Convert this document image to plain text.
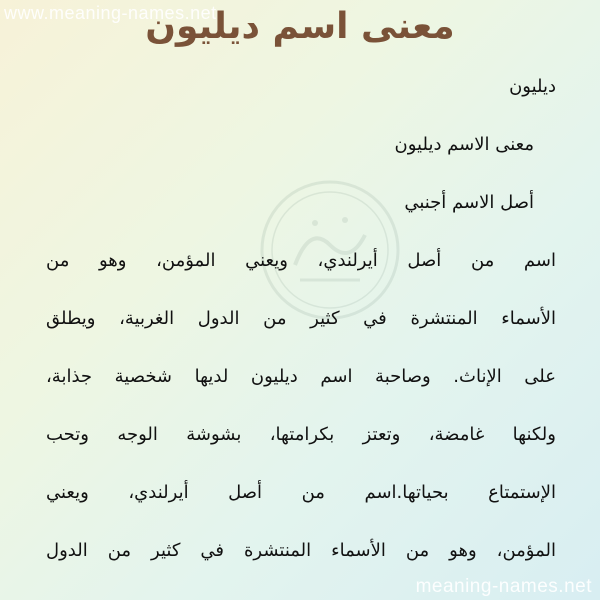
www.meaning-names.net
معنى اسم ديليون
ديليون
معنى الاسم ديليون
أصل الاسم أجنبي
اسم من أصل أيرلندي، ويعني المؤمن، وهو من
الأسماء المنتشرة في كثير من الدول الغربية، ويطلق
على الإناث. وصاحبة اسم ديليون لديها شخصية جذابة،
ولكنها غامضة، وتعتز بكرامتها، بشوشة الوجه وتحب
الإستمتاع بحياتها.اسم من أصل أيرلندي، ويعني
المؤمن، وهو من الأسماء المنتشرة في كثير من الدول
meaning-names.net
